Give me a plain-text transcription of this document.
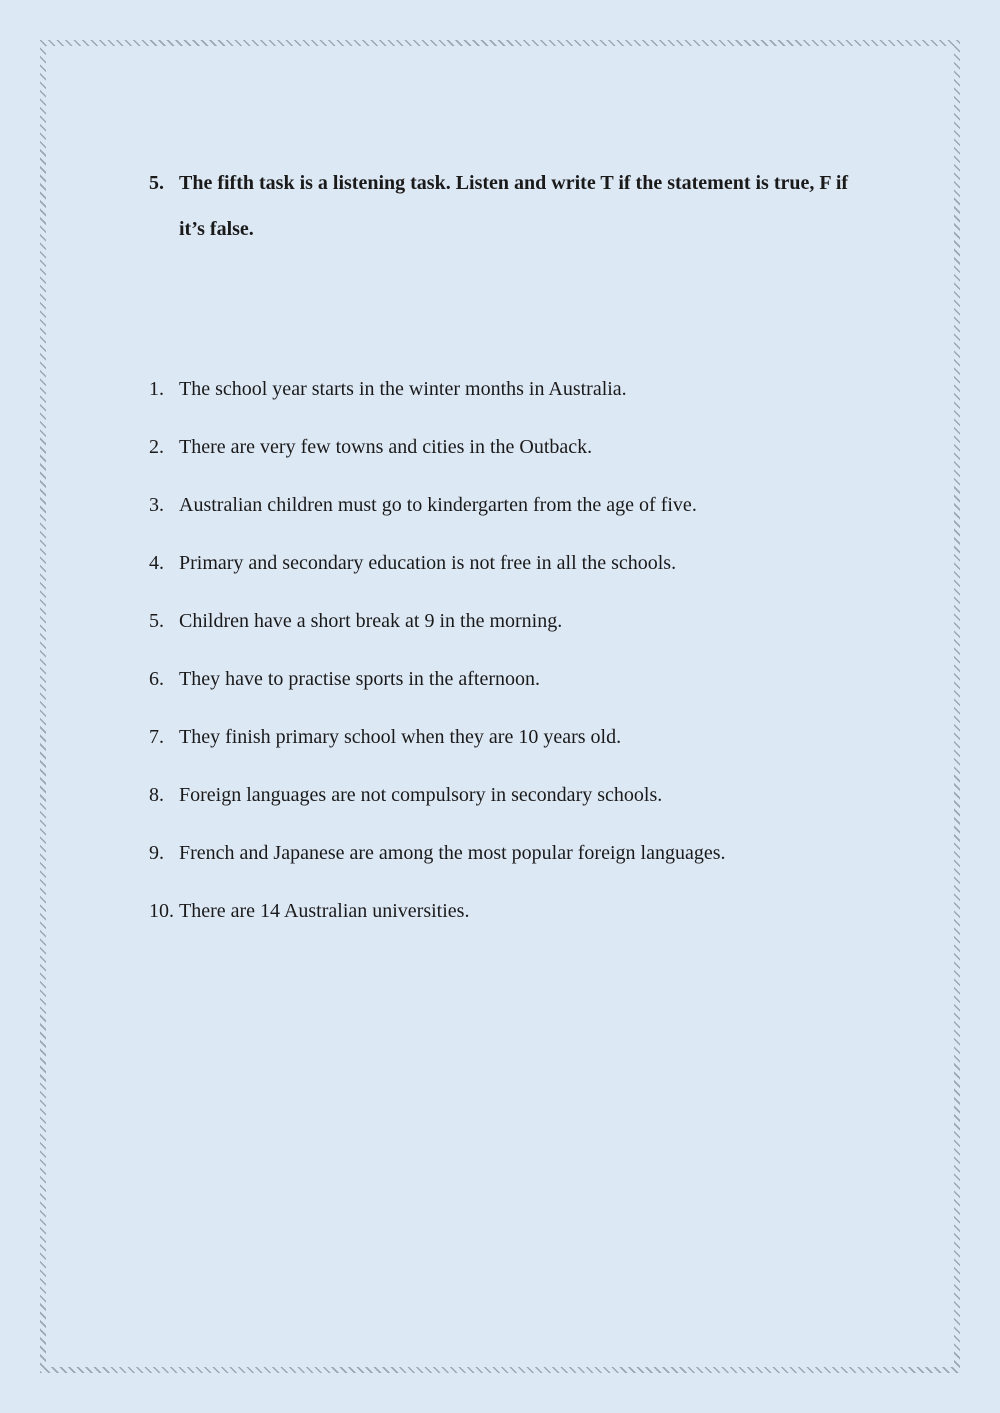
5. The fifth task is a listening task. Listen and write T if the statement is true, F if it’s false.
1. The school year starts in the winter months in Australia.
2. There are very few towns and cities in the Outback.
3. Australian children must go to kindergarten from the age of five.
4. Primary and secondary education is not free in all the schools.
5. Children have a short break at 9 in the morning.
6. They have to practise sports in the afternoon.
7. They finish primary school when they are 10 years old.
8. Foreign languages are not compulsory in secondary schools.
9. French and Japanese are among the most popular foreign languages.
10. There are 14 Australian universities.
